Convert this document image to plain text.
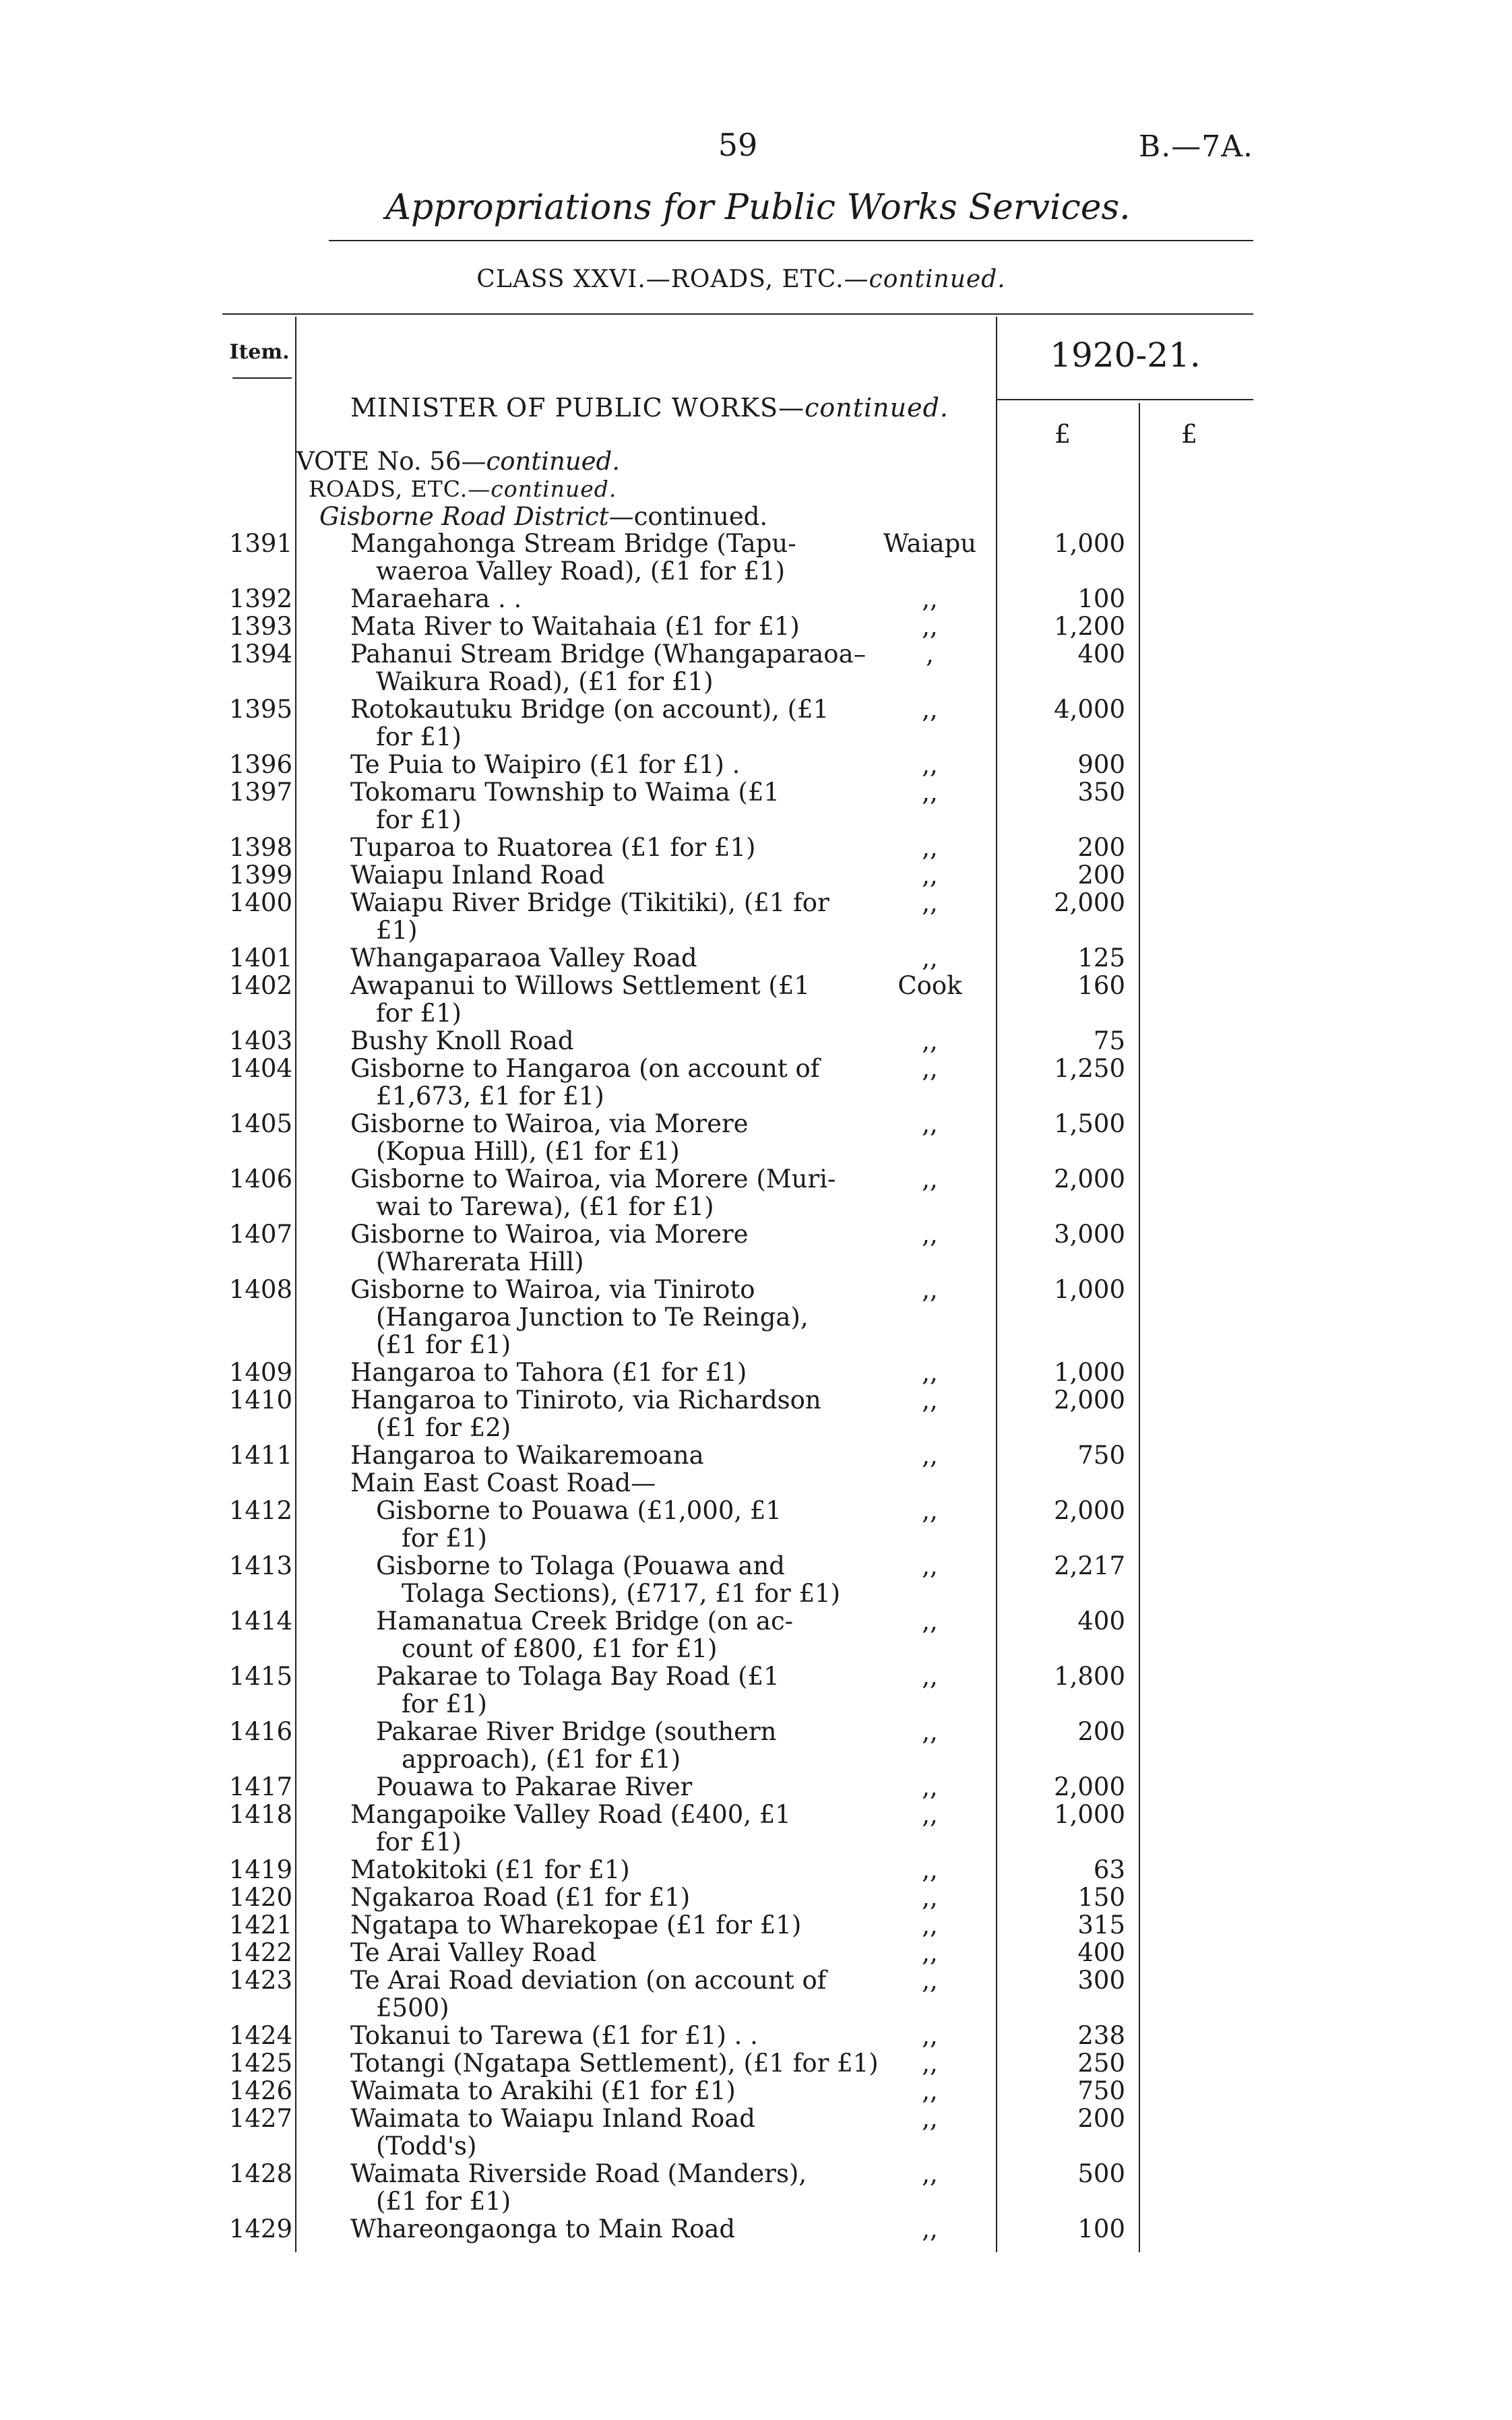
59	B.—7A.
Appropriations for Public Works Services.
CLASS XXVI.—ROADS, ETC.—continued.
Item.	1920-21.
£	£
MINISTER OF PUBLIC WORKS—continued.
VOTE No. 56—continued.
ROADS, ETC.—continued.
Gisborne Road District—continued.
1391 Mangahonga Stream Bridge (Tapu-
waeroa Valley Road), (£1 for £1)
Waiapu	1,000
1392 Maraehara . .	,,	100
1393 Mata River to Waitahaia (£1 for £1)	,,	1,200
1394 Pahanui Stream Bridge (Whangaparaoa–
Waikura Road), (£1 for £1)
,	400
1395 Rotokautuku Bridge (on account), (£1
for £1)
,,	4,000
1396 Te Puia to Waipiro (£1 for £1) .	,,	900
1397 Tokomaru Township to Waima (£1
for £1)
,,	350
1398 Tuparoa to Ruatorea (£1 for £1)	,,	200
1399 Waiapu Inland Road	,,	200
1400 Waiapu River Bridge (Tikitiki), (£1 for
£1)
,,	2,000
1401 Whangaparaoa Valley Road	,,	125
1402 Awapanui to Willows Settlement (£1
for £1)
Cook	160
1403 Bushy Knoll Road	,,	75
1404 Gisborne to Hangaroa (on account of
£1,673, £1 for £1)
,,	1,250
1405 Gisborne to Wairoa, via Morere
(Kopua Hill), (£1 for £1)
,,	1,500
1406 Gisborne to Wairoa, via Morere (Muri-
wai to Tarewa), (£1 for £1)
,,	2,000
1407 Gisborne to Wairoa, via Morere
(Wharerata Hill)
,,	3,000
1408 Gisborne to Wairoa, via Tiniroto
(Hangaroa Junction to Te Reinga),
(£1 for £1)
,,	1,000
1409 Hangaroa to Tahora (£1 for £1)	,,	1,000
1410 Hangaroa to Tiniroto, via Richardson
(£1 for £2)
,,	2,000
1411 Hangaroa to Waikaremoana	,,	750
Main East Coast Road—
1412	Gisborne to Pouawa (£1,000, £1
for £1)
,,	2,000
1413	Gisborne to Tolaga (Pouawa and
Tolaga Sections), (£717, £1 for £1)
,,	2,217
1414	Hamanatua Creek Bridge (on ac-
count of £800, £1 for £1)
,,	400
1415	Pakarae to Tolaga Bay Road (£1
for £1)
,,	1,800
1416	Pakarae River Bridge (southern
approach), (£1 for £1)
,,	200
1417	Pouawa to Pakarae River	,,	2,000
1418 Mangapoike Valley Road (£400, £1
for £1)
,,	1,000
1419 Matokitoki (£1 for £1)	,,	63
1420 Ngakaroa Road (£1 for £1)	,,	150
1421 Ngatapa to Wharekopae (£1 for £1)	,,	315
1422 Te Arai Valley Road	,,	400
1423 Te Arai Road deviation (on account of
£500)
,,	300
1424 Tokanui to Tarewa (£1 for £1) . .	,,	238
1425 Totangi (Ngatapa Settlement), (£1 for £1)	,,	250
1426 Waimata to Arakihi (£1 for £1)	,,	750
1427 Waimata to Waiapu Inland Road
(Todd's)
,,	200
1428 Waimata Riverside Road (Manders),
(£1 for £1)
,,	500
1429 Whareongaonga to Main Road	,,	100
